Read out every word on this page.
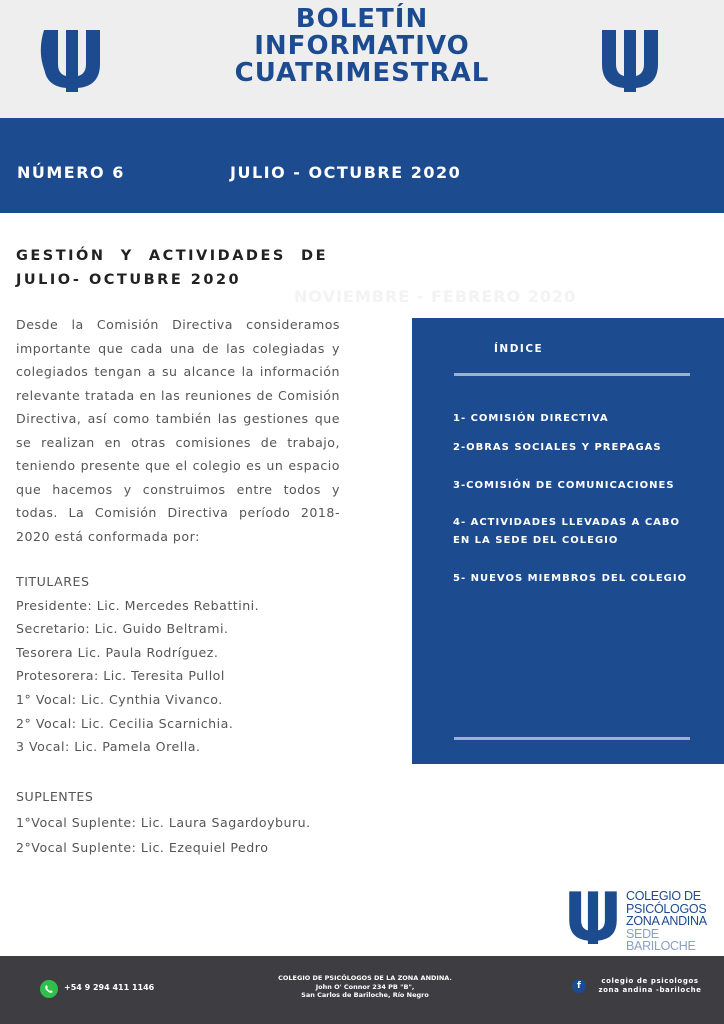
BOLETÍN
INFORMATIVO
CUATRIMESTRAL
NÚMERO 6	JULIO - OCTUBRE 2020
GESTIÓN Y ACTIVIDADES DE
JULIO- OCTUBRE 2020
NOVIEMBRE - FEBRERO 2020
Desde la Comisión Directiva consideramos importante que cada una de las colegiadas y colegiados tengan a su alcance la información relevante tratada en las reuniones de Comisión Directiva, así como también las gestiones que se realizan en otras comisiones de trabajo, teniendo presente que el colegio es un espacio que hacemos y construimos entre todos y todas. La Comisión Directiva período 2018- 2020 está conformada por:
TITULARES
Presidente: Lic. Mercedes Rebattini.
Secretario: Lic. Guido Beltrami.
Tesorera Lic. Paula Rodríguez.
Protesorera: Lic. Teresita Pullol
1° Vocal: Lic. Cynthia Vivanco.
2° Vocal: Lic. Cecilia Scarnichia.
3 Vocal: Lic. Pamela Orella.
SUPLENTES
1°Vocal Suplente: Lic. Laura Sagardoyburu.
2°Vocal Suplente: Lic. Ezequiel Pedro
ÍNDICE
1- COMISIÓN DIRECTIVA
2-OBRAS SOCIALES Y PREPAGAS
3-COMISIÓN DE COMUNICACIONES
4- ACTIVIDADES LLEVADAS A CABO
EN LA SEDE DEL COLEGIO
5- NUEVOS MIEMBROS DEL COLEGIO
COLEGIO DE
PSICÓLOGOS
ZONA ANDINA
SEDE BARILOCHE
+54 9 294 411 1146
COLEGIO DE PSICÓLOGOS DE LA ZONA ANDINA.
John O' Connor 234 PB "B",
San Carlos de Bariloche, Río Negro
f	colegio de psicologos
zona andina -bariloche
